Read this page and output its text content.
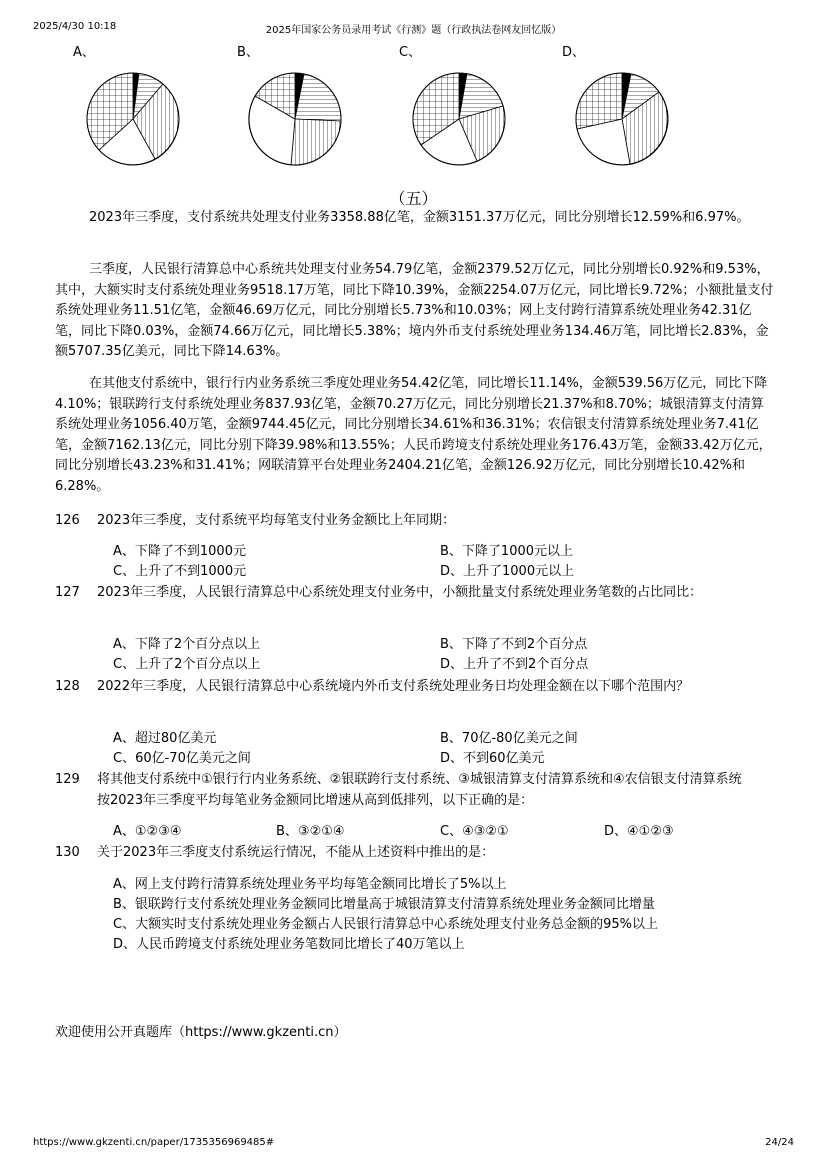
2025/4/30 10:18	2025年国家公务员录用考试《行测》题（行政执法卷网友回忆版）
A、	B、	C、	D、
（五）
2023年三季度，支付系统共处理支付业务3358.88亿笔，金额3151.37万亿元，同比分别增长12.59%和6.97%。
三季度，人民银行清算总中心系统共处理支付业务54.79亿笔，金额2379.52万亿元，同比分别增长0.92%和9.53%，其中，大额实时支付系统处理业务9518.17万笔，同比下降10.39%，金额2254.07万亿元，同比增长9.72%；小额批量支付系统处理业务11.51亿笔，金额46.69万亿元，同比分别增长5.73%和10.03%；网上支付跨行清算系统处理业务42.31亿笔，同比下降0.03%，金额74.66万亿元，同比增长5.38%；境内外币支付系统处理业务134.46万笔，同比增长2.83%，金额5707.35亿美元，同比下降14.63%。
在其他支付系统中，银行行内业务系统三季度处理业务54.42亿笔，同比增长11.14%，金额539.56万亿元，同比下降4.10%；银联跨行支付系统处理业务837.93亿笔，金额70.27万亿元，同比分别增长21.37%和8.70%；城银清算支付清算系统处理业务1056.40万笔，金额9744.45亿元，同比分别增长34.61%和36.31%；农信银支付清算系统处理业务7.41亿笔，金额7162.13亿元，同比分别下降39.98%和13.55%；人民币跨境支付系统处理业务176.43万笔，金额33.42万亿元，同比分别增长43.23%和31.41%；网联清算平台处理业务2404.21亿笔，金额126.92万亿元，同比分别增长10.42%和6.28%。
126	2023年三季度，支付系统平均每笔支付业务金额比上年同期：
A、下降了不到1000元	B、下降了1000元以上
C、上升了不到1000元	D、上升了1000元以上
127	2023年三季度，人民银行清算总中心系统处理支付业务中，小额批量支付系统处理业务笔数的占比同比：
A、下降了2个百分点以上	B、下降了不到2个百分点
C、上升了2个百分点以上	D、上升了不到2个百分点
128	2022年三季度，人民银行清算总中心系统境内外币支付系统处理业务日均处理金额在以下哪个范围内？
A、超过80亿美元	B、70亿-80亿美元之间
C、60亿-70亿美元之间	D、不到60亿美元
129	将其他支付系统中①银行行内业务系统、②银联跨行支付系统、③城银清算支付清算系统和④农信银支付清算系统按2023年三季度平均每笔业务金额同比增速从高到低排列，以下正确的是：
A、①②③④	B、③②①④	C、④③②①	D、④①②③
130	关于2023年三季度支付系统运行情况，不能从上述资料中推出的是：
A、网上支付跨行清算系统处理业务平均每笔金额同比增长了5%以上
B、银联跨行支付系统处理业务金额同比增量高于城银清算支付清算系统处理业务金额同比增量
C、大额实时支付系统处理业务金额占人民银行清算总中心系统处理支付业务总金额的95%以上
D、人民币跨境支付系统处理业务笔数同比增长了40万笔以上
欢迎使用公开真题库（https://www.gkzenti.cn）
https://www.gkzenti.cn/paper/1735356969485#	24/24
